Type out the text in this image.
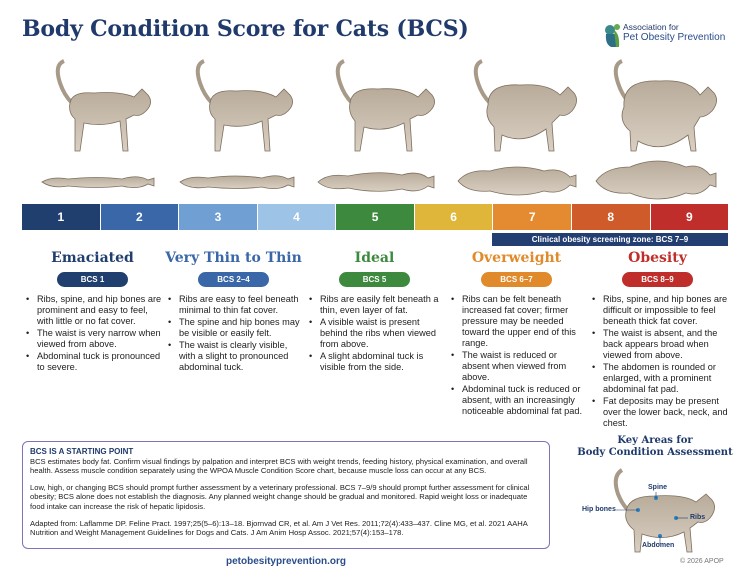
Body Condition Score for Cats (BCS)	Association for
Pet Obesity Prevention
1	2	3	4	5	6	7	8	9
Clinical obesity screening zone: BCS 7–9
Emaciated
BCS 1
• Ribs, spine, and hip bones are prominent and easy to feel, with little or no fat cover.
• The waist is very narrow when viewed from above.
• Abdominal tuck is pronounced to severe.
Very Thin to Thin
BCS 2–4
• Ribs are easy to feel beneath minimal to thin fat cover.
• The spine and hip bones may be visible or easily felt.
• The waist is clearly visible, with a slight to pronounced abdominal tuck.
Ideal
BCS 5
• Ribs are easily felt beneath a thin, even layer of fat.
• A visible waist is present behind the ribs when viewed from above.
• A slight abdominal tuck is visible from the side.
Overweight
BCS 6–7
• Ribs can be felt beneath increased fat cover; firmer pressure may be needed toward the upper end of this range.
• The waist is reduced or absent when viewed from above.
• Abdominal tuck is reduced or absent, with an increasingly noticeable abdominal fat pad.
Obesity
BCS 8–9
• Ribs, spine, and hip bones are difficult or impossible to feel beneath thick fat cover.
• The waist is absent, and the back appears broad when viewed from above.
• The abdomen is rounded or enlarged, with a prominent abdominal fat pad.
• Fat deposits may be present over the lower back, neck, and chest.
BCS IS A STARTING POINT

BCS estimates body fat. Confirm visual findings by palpation and interpret BCS with weight trends, feeding history, physical examination, and overall health. Assess muscle condition separately using the WPOA Muscle Condition Score chart, because muscle loss can occur at any BCS.

Low, high, or changing BCS should prompt further assessment by a veterinary professional. BCS 7–9/9 should prompt further assessment for clinical obesity; BCS alone does not establish the diagnosis. Any planned weight change should be gradual and monitored. Rapid weight loss or inadequate food intake can increase the risk of hepatic lipidosis.

Adapted from: Laflamme DP. Feline Pract. 1997;25(5–6):13–18. Bjornvad CR, et al. Am J Vet Res. 2011;72(4):433–437. Cline MG, et al. 2021 AAHA Nutrition and Weight Management Guidelines for Dogs and Cats. J Am Anim Hosp Assoc. 2021;57(4):153–178.

petobesityprevention.org	© 2026 APOP
Key Areas for
Body Condition Assessment
Spine
Hip bones
Ribs
Abdomen
